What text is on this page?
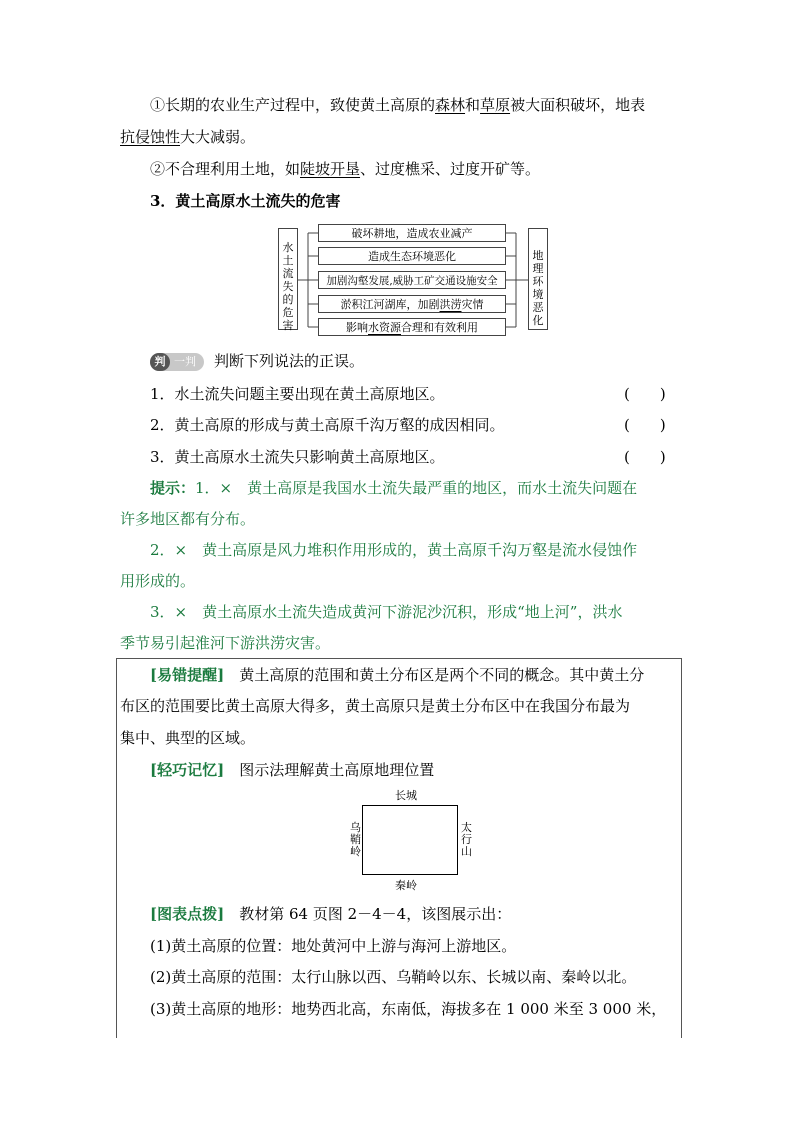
①长期的农业生产过程中，致使黄土高原的森林和草原被大面积破坏，地表
抗侵蚀性大大减弱。
②不合理利用土地，如陡坡开垦、过度樵采、过度开矿等。
3．黄土高原水土流失的危害
水土流失的危害
地理环境恶化
破坏耕地，造成农业减产
造成生态环境恶化
加剧沟壑发展,威胁工矿交通设施安全
淤积江河湖库，加剧洪涝灾情
影响水资源合理和有效利用
判 一判 判断下列说法的正误。
1．水土流失问题主要出现在黄土高原地区。	(　　)
2．黄土高原的形成与黄土高原千沟万壑的成因相同。	(　　)
3．黄土高原水土流失只影响黄土高原地区。	(　　)
提示：1．×　黄土高原是我国水土流失最严重的地区，而水土流失问题在
许多地区都有分布。
2．×　黄土高原是风力堆积作用形成的，黄土高原千沟万壑是流水侵蚀作
用形成的。
3．×　黄土高原水土流失造成黄河下游泥沙沉积，形成“地上河”，洪水
季节易引起淮河下游洪涝灾害。
[易错提醒]　黄土高原的范围和黄土分布区是两个不同的概念。其中黄土分
布区的范围要比黄土高原大得多，黄土高原只是黄土分布区中在我国分布最为
集中、典型的区域。
[轻巧记忆]　图示法理解黄土高原地理位置
长城
秦岭
乌鞘岭
太行山
[图表点拨]　教材第 64 页图 2－4－4，该图展示出：
(1)黄土高原的位置：地处黄河中上游与海河上游地区。
(2)黄土高原的范围：太行山脉以西、乌鞘岭以东、长城以南、秦岭以北。
(3)黄土高原的地形：地势西北高，东南低，海拔多在 1 000 米至 3 000 米，
